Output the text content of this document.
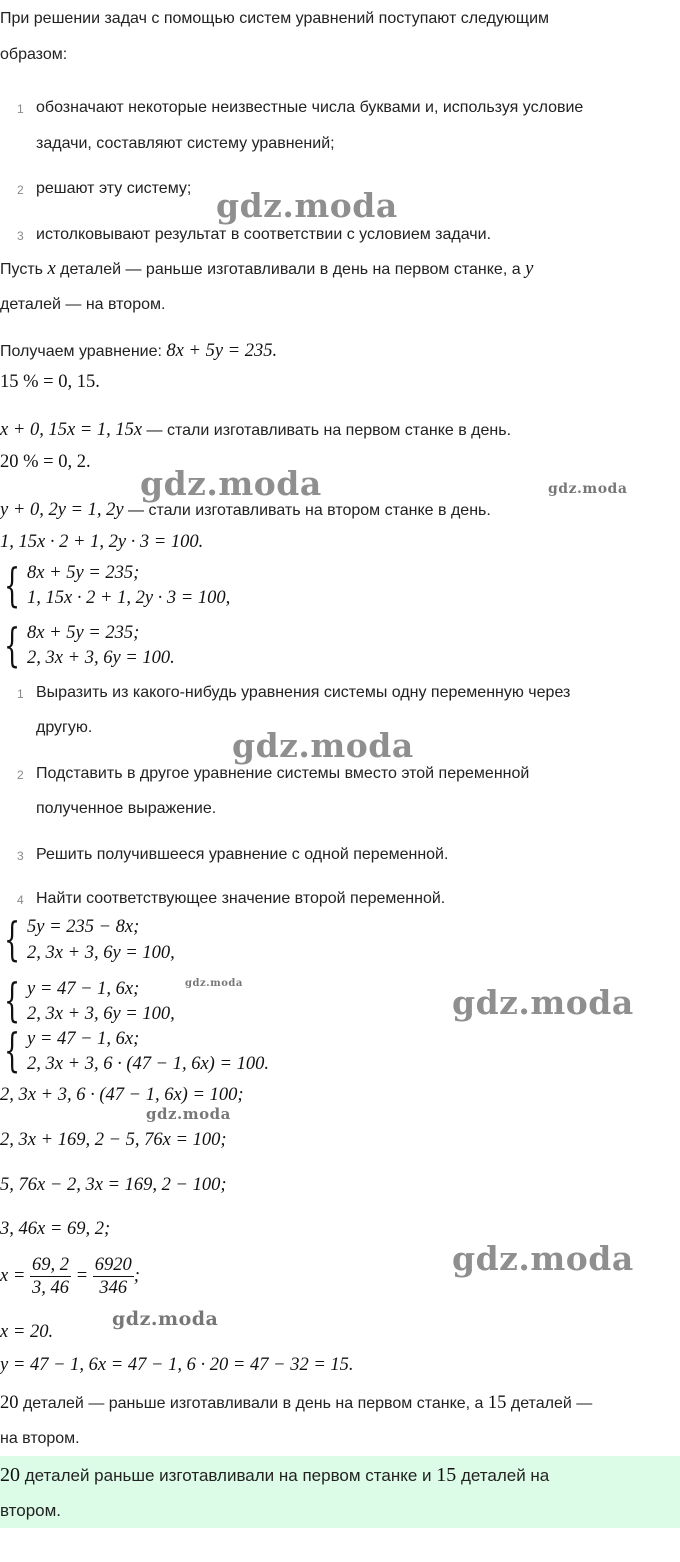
При решении задач с помощью систем уравнений поступают следующим
образом:
1 обозначают некоторые неизвестные числа буквами и, используя условие
задачи, составляют систему уравнений;
2 решают эту систему;
3 истолковывают результат в соответствии с условием задачи.
Пусть x деталей — раньше изготавливали в день на первом станке, а y
деталей — на втором.
Получаем уравнение: 8x + 5y = 235.
15 % = 0, 15.
x + 0, 15x = 1, 15x — стали изготавливать на первом станке в день.
20 % = 0, 2.
y + 0, 2y = 1, 2y — стали изготавливать на втором станке в день.
1, 15x · 2 + 1, 2y · 3 = 100.
{ 8x + 5y = 235;
1, 15x · 2 + 1, 2y · 3 = 100,
{ 8x + 5y = 235;
2, 3x + 3, 6y = 100.
1 Выразить из какого-нибудь уравнения системы одну переменную через
другую.
2 Подставить в другое уравнение системы вместо этой переменной
полученное выражение.
3 Решить получившееся уравнение с одной переменной.
4 Найти соответствующее значение второй переменной.
{ 5y = 235 − 8x;
2, 3x + 3, 6y = 100,
{ y = 47 − 1, 6x;
2, 3x + 3, 6y = 100,
{ y = 47 − 1, 6x;
2, 3x + 3, 6 · (47 − 1, 6x) = 100.
2, 3x + 3, 6 · (47 − 1, 6x) = 100;
2, 3x + 169, 2 − 5, 76x = 100;
5, 76x − 2, 3x = 169, 2 − 100;
3, 46x = 69, 2;
$x = \frac{69, 2}{3, 46} = \frac{6920}{346}$ ;
x = 20.
y = 47 − 1, 6x = 47 − 1, 6 · 20 = 47 − 32 = 15.
20 деталей — раньше изготавливали в день на первом станке, а 15 деталей —
на втором.
20 деталей раньше изготавливали на первом станке и 15 деталей на
втором.
gdz.moda
gdz.moda	gdz.moda
gdz.moda
gdz.moda	gdz.moda
gdz.moda
gdz.moda
gdz.moda
